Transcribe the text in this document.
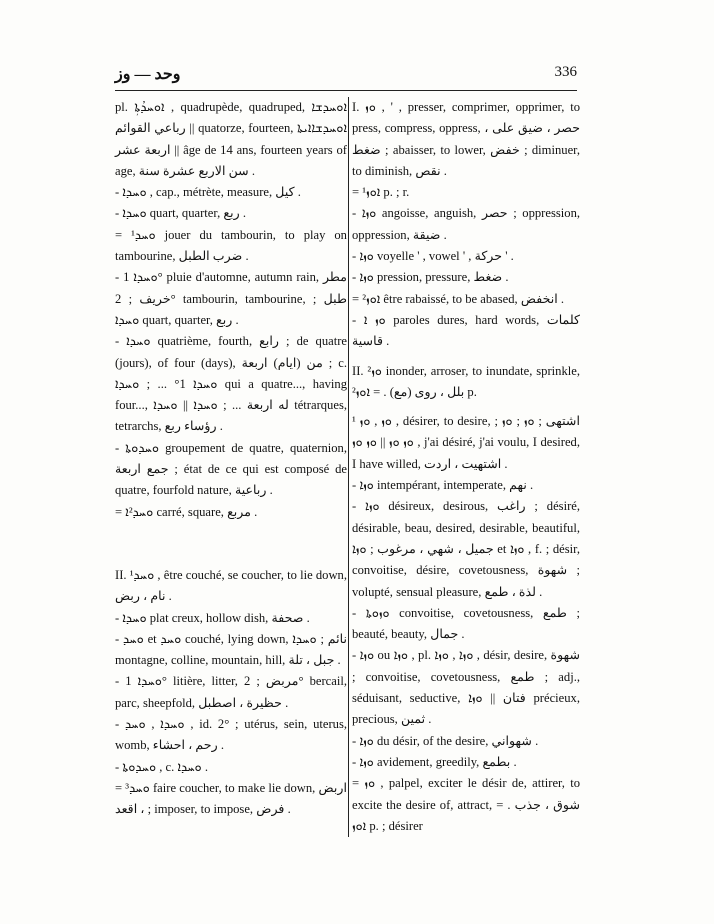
وحد — وز	336

pl. ܐܘܚܕܳܬܼܐ , quadrupède, quadruped, ܐܘܚܕܫܐ رباعي القوائم || quatorze, fourteen, ܐܘܚܕܫܐܐܝܬܐ || اربعة عشر âge de 14 ans, fourteen years of age, سن الاربع عشرة سنة .

- ܘܚܕܐ , cap., métrète, measure, كيل .

- ܘܚܕܐ quart, quarter, ربع .

= ܘܚܕ¹ jouer du tambourin, to play on tambourine, ضرب الطبل .

- ܘܚܕܐ 1° pluie d'automne, autumn rain, مطر خريف ; 2° tambourin, tambourine, طبل ; ܘܚܕܐ quart, quarter, ربع .

- ܘܚܕܐ quatrième, fourth, رابع ; de quatre (jours), of four (days), من (ايام) اربعة ; c. ܘܚܕܐ 1° ... ; ܘܚܕܐ qui a quatre..., having four..., له اربعة ... ; ܘܚܕܐ || ܘܚܕܐ tétrarques, tetrarchs, رؤساء ربع .

- ܘܚܕܘܬܐ groupement de quatre, quaternion, جمع اربعة ; état de ce qui est composé de quatre, fourfold nature, رباعية .

= ܘܚܕ²ܐ carré, square, مربع .

II. ܘܚܕ¹ , être couché, se coucher, to lie down, نام ، ربض .

- ܘܚܕܐ plat creux, hollow dish, صحفة .

- ܘܚܕ et ܘܚܕ couché, lying down, نائم ; ܘܚܕܐ montagne, colline, mountain, hill, جبل ، تلة .

- ܘܚܕܐ 1° litière, litter, مربض ; 2° bercail, parc, sheepfold, حظيرة ، اصطبل .

- ܘܚܕܐ , ܘܚܕ , id. 2° ; utérus, sein, uterus, womb, رحم ، احشاء .

- ܘܚܕܘܬܐ , c. ܘܚܕܐ .

= ܘܚܕ³ faire coucher, to make lie down, اربض ، اقعد ; imposer, to impose, فرض .

I. ܘܙ , ' , presser, comprimer, opprimer, to press, compress, oppress, حصر ، ضيق على ، ضغط ; abaisser, to lower, خفض ; diminuer, to diminish, نقص .

= ܐܘܙ¹ p. ; r.

- ܘܙܐ angoisse, anguish, حصر ; oppression, oppression, ضيقة .

- ܘܙܐ voyelle ' , vowel ' , حركة ' .

- ܘܙܐ pression, pressure, ضغط .

= ܐܘܙ² être rabaissé, to be abased, انخفض .

- ܘܙ ܐ paroles dures, hard words, كلمات قاسية .

II. ܘܙ² inonder, arroser, to inundate, sprinkle, بلل ، روى (مع) . = ܐܘܙ² p.

¹ ܘܙ , ܘܙ , désirer, to desire, اشتهى ; ܘܙ ; ܘܙ ; ܘܙ ܘܙ || ܘܙ ܘܙ , j'ai désiré, j'ai voulu, I desired, I have willed, اشتهيت ، اردت .

- ܘܙܐ intempérant, intemperate, نهم .

- ܘܙܐ désireux, desirous, راغب ; désiré, désirable, beau, desired, desirable, beautiful, جميل ، شهي ، مرغوب ; ܘܙܐ et ܘܙܐ , f. ; désir, convoitise, désire, covetousness, شهوة ; volupté, sensual pleasure, لذة ، طمع .

- ܘܙܘܬܐ convoitise, covetousness, طمع ; beauté, beauty, جمال .

- ܘܙܐ ou ܘܙܐ , pl. ܘܙܐ , ܘܙܐ , désir, desire, شهوة ; convoitise, covetousness, طمع ; adj., séduisant, seductive, فتان || ܘܙܐ précieux, precious, ثمين .

- ܘܙܐ du désir, of the desire, شهواني .

- ܘܙܐ avidement, greedily, بطمع .

= ܘܙ , palpel, exciter le désir de, attirer, to excite the desire of, attract, شوق ، جذب . = ܐܘܙ p. ; désirer
